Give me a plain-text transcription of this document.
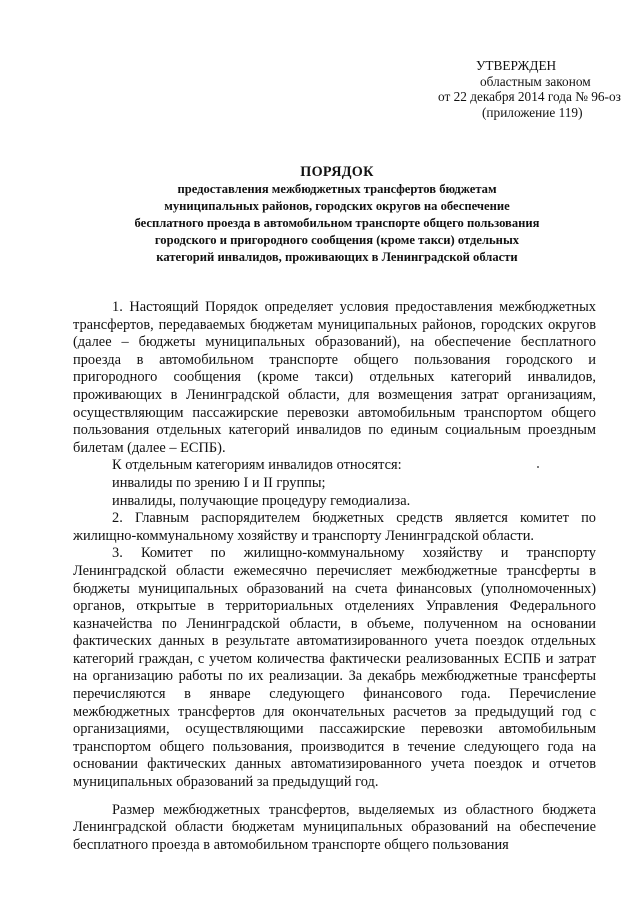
УТВЕРЖДЕН
областным законом
от 22 декабря 2014 года № 96-оз
(приложение 119)
ПОРЯДОК
предоставления межбюджетных трансфертов бюджетам
муниципальных районов, городских округов на обеспечение
бесплатного проезда в автомобильном транспорте общего пользования
городского и пригородного сообщения (кроме такси) отдельных
категорий инвалидов, проживающих в Ленинградской области

1. Настоящий Порядок определяет условия предоставления межбюджетных трансфертов, передаваемых бюджетам муниципальных районов, городских округов (далее – бюджеты муниципальных образований), на обеспечение бесплатного проезда в автомобильном транспорте общего пользования городского и пригородного сообщения (кроме такси) отдельных категорий инвалидов, проживающих в Ленинградской области, для возмещения затрат организациям, осуществляющим пассажирские перевозки автомобильным транспортом общего пользования отдельных категорий инвалидов по единым социальным проездным билетам (далее – ЕСПБ).

К отдельным категориям инвалидов относятся:

инвалиды по зрению I и II группы;

инвалиды, получающие процедуру гемодиализа.

2. Главным распорядителем бюджетных средств является комитет по жилищно-коммунальному хозяйству и транспорту Ленинградской области.

3. Комитет по жилищно-коммунальному хозяйству и транспорту Ленинградской области ежемесячно перечисляет межбюджетные трансферты в бюджеты муниципальных образований на счета финансовых (уполномоченных) органов, открытые в территориальных отделениях Управления Федерального казначейства по Ленинградской области, в объеме, полученном на основании фактических данных в результате автоматизированного учета поездок отдельных категорий граждан, с учетом количества фактически реализованных ЕСПБ и затрат на организацию работы по их реализации. За декабрь межбюджетные трансферты перечисляются в январе следующего финансового года. Перечисление межбюджетных трансфертов для окончательных расчетов за предыдущий год с организациями, осуществляющими пассажирские перевозки автомобильным транспортом общего пользования, производится в течение следующего года на основании фактических данных автоматизированного учета поездок и отчетов муниципальных образований за предыдущий год.

Размер межбюджетных трансфертов, выделяемых из областного бюджета Ленинградской области бюджетам муниципальных образований на обеспечение бесплатного проезда в автомобильном транспорте общего пользования
